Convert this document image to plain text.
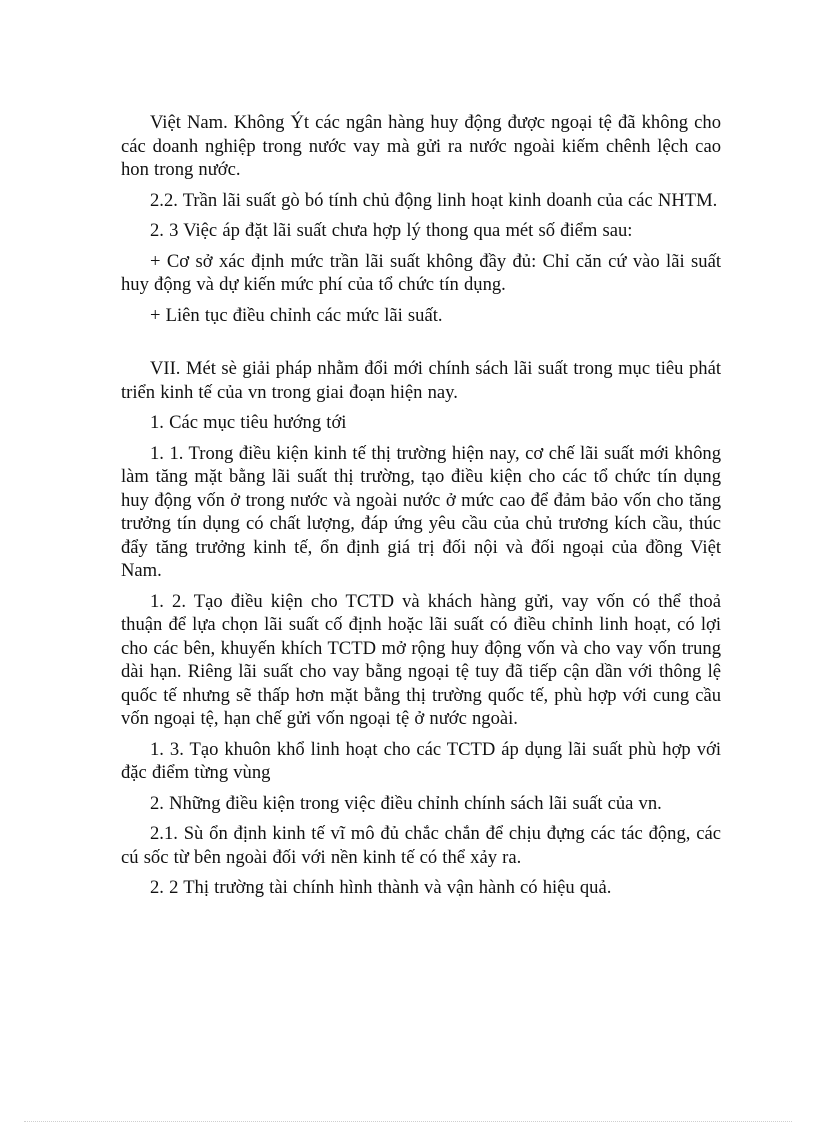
Việt Nam. Không Ýt các ngân hàng huy động được ngoại tệ đã không cho các doanh nghiệp trong nước vay mà gửi ra nước ngoài kiếm chênh lệch cao hon trong nước.

2.2. Trần lãi suất gò bó tính chủ động linh hoạt kinh doanh của các NHTM.

2. 3 Việc áp đặt lãi suất chưa hợp lý thong qua mét số điểm sau:

+ Cơ sở xác định mức trần lãi suất không đầy đủ: Chỉ căn cứ vào lãi suất huy động và dự kiến mức phí của tổ chức tín dụng.

+ Liên tục điều chỉnh các mức lãi suất.

VII. Mét sè giải pháp nhằm đổi mới chính sách lãi suất trong mục tiêu phát triển kinh tế của vn trong giai đoạn hiện nay.

1. Các mục tiêu hướng tới

1. 1. Trong điều kiện kinh tế thị trường hiện nay, cơ chế lãi suất mới không làm tăng mặt bằng lãi suất thị trường, tạo điều kiện cho các tổ chức tín dụng huy động vốn ở trong nước và ngoài nước ở mức cao để đảm bảo vốn cho tăng trưởng tín dụng có chất lượng, đáp ứng yêu cầu của chủ trương kích cầu, thúc đẩy tăng trưởng kinh tế, ổn định giá trị đối nội và đối ngoại của đồng Việt Nam.

1. 2. Tạo điều kiện cho TCTD và khách hàng gửi, vay vốn có thể thoả thuận để lựa chọn lãi suất cố định hoặc lãi suất có điều chỉnh linh hoạt, có lợi cho các bên, khuyến khích TCTD mở rộng huy động vốn và cho vay vốn trung dài hạn. Riêng lãi suất cho vay bằng ngoại tệ tuy đã tiếp cận dần với thông lệ quốc tế nhưng sẽ thấp hơn mặt bằng thị trường quốc tế, phù hợp với cung cầu vốn ngoại tệ, hạn chế gửi vốn ngoại tệ ở nước ngoài.

1. 3. Tạo khuôn khổ linh hoạt cho các TCTD áp dụng lãi suất phù hợp với đặc điểm từng vùng

2. Những điều kiện trong việc điều chỉnh chính sách lãi suất của vn.

2.1. Sù ổn định kinh tế vĩ mô đủ chắc chắn để chịu đựng các tác động, các cú sốc từ bên ngoài đối với nền kinh tế có thể xảy ra.

2. 2 Thị trường tài chính hình thành và vận hành có hiệu quả.
